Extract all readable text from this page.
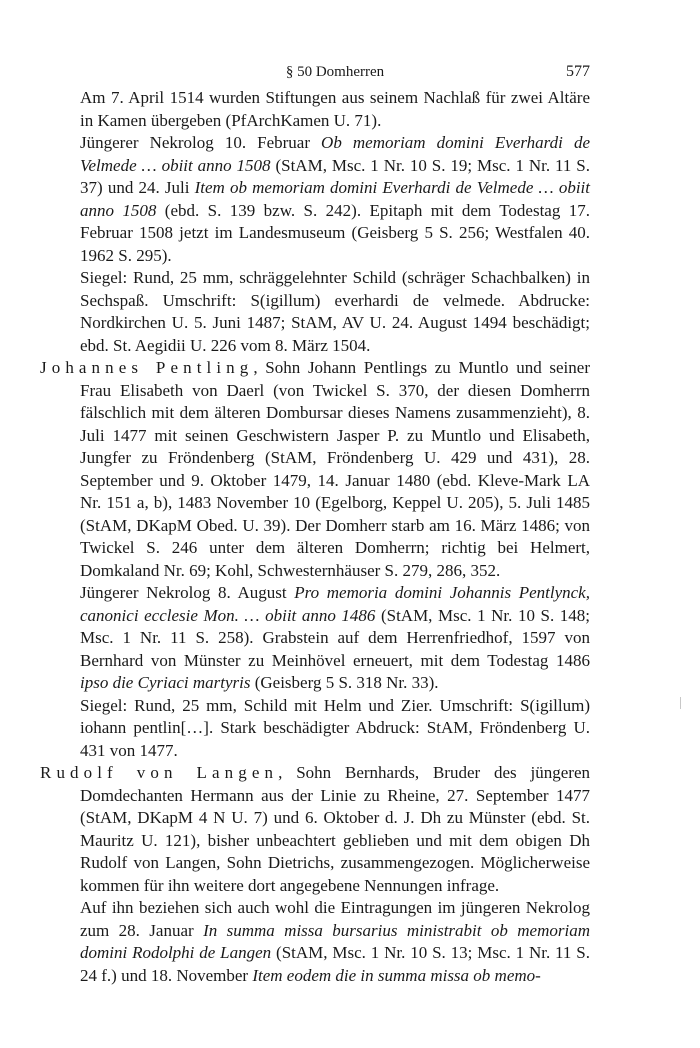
§ 50 Domherren	577

Am 7. April 1514 wurden Stiftungen aus seinem Nachlaß für zwei Altäre in Kamen übergeben (PfArchKamen U. 71).

Jüngerer Nekrolog 10. Februar Ob memoriam domini Everhardi de Velmede … obiit anno 1508 (StAM, Msc. 1 Nr. 10 S. 19; Msc. 1 Nr. 11 S. 37) und 24. Juli Item ob memoriam domini Everhardi de Velmede … obiit anno 1508 (ebd. S. 139 bzw. S. 242). Epitaph mit dem Todestag 17. Februar 1508 jetzt im Landesmuseum (Geisberg 5 S. 256; Westfalen 40. 1962 S. 295).

Siegel: Rund, 25 mm, schräggelehnter Schild (schräger Schachbalken) in Sechspaß. Umschrift: S(igillum) everhardi de velmede. Abdrucke: Nordkirchen U. 5. Juni 1487; StAM, AV U. 24. August 1494 beschädigt; ebd. St. Aegidii U. 226 vom 8. März 1504.

Johannes Pentling, Sohn Johann Pentlings zu Muntlo und seiner Frau Elisabeth von Daerl (von Twickel S. 370, der diesen Domherrn fälschlich mit dem älteren Dombursar dieses Namens zusammenzieht), 8. Juli 1477 mit seinen Geschwistern Jasper P. zu Muntlo und Elisabeth, Jungfer zu Fröndenberg (StAM, Fröndenberg U. 429 und 431), 28. September und 9. Oktober 1479, 14. Januar 1480 (ebd. Kleve-Mark LA Nr. 151 a, b), 1483 November 10 (Egelborg, Keppel U. 205), 5. Juli 1485 (StAM, DKapM Obed. U. 39). Der Domherr starb am 16. März 1486; von Twickel S. 246 unter dem älteren Domherrn; richtig bei Helmert, Domkaland Nr. 69; Kohl, Schwesternhäuser S. 279, 286, 352.

Jüngerer Nekrolog 8. August Pro memoria domini Johannis Pentlynck, canonici ecclesie Mon. … obiit anno 1486 (StAM, Msc. 1 Nr. 10 S. 148; Msc. 1 Nr. 11 S. 258). Grabstein auf dem Herrenfriedhof, 1597 von Bernhard von Münster zu Meinhövel erneuert, mit dem Todestag 1486 ipso die Cyriaci martyris (Geisberg 5 S. 318 Nr. 33).

Siegel: Rund, 25 mm, Schild mit Helm und Zier. Umschrift: S(igillum) iohann pentlin[…]. Stark beschädigter Abdruck: StAM, Fröndenberg U. 431 von 1477.

Rudolf von Langen, Sohn Bernhards, Bruder des jüngeren Domdechanten Hermann aus der Linie zu Rheine, 27. September 1477 (StAM, DKapM 4 N U. 7) und 6. Oktober d. J. Dh zu Münster (ebd. St. Mauritz U. 121), bisher unbeachtert geblieben und mit dem obigen Dh Rudolf von Langen, Sohn Dietrichs, zusammengezogen. Möglicherweise kommen für ihn weitere dort angegebene Nennungen infrage.

Auf ihn beziehen sich auch wohl die Eintragungen im jüngeren Nekrolog zum 28. Januar In summa missa bursarius ministrabit ob memoriam domini Rodolphi de Langen (StAM, Msc. 1 Nr. 10 S. 13; Msc. 1 Nr. 11 S. 24 f.) und 18. November Item eodem die in summa missa ob memo-
